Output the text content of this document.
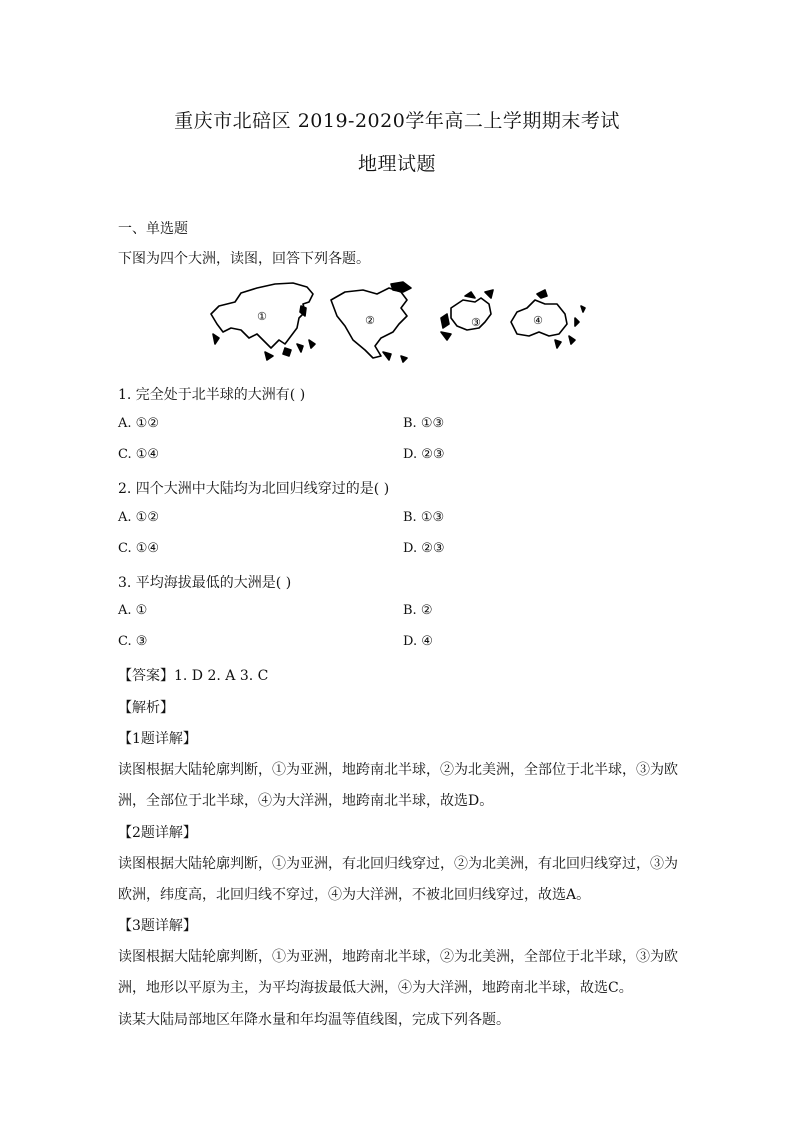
重庆市北碚区 2019-2020学年高二上学期期末考试
地理试题
一、单选题
下图为四个大洲，读图，回答下列各题。
①	②	③	④
1. 完全处于北半球的大洲有( )
A. ①②	B. ①③
C. ①④	D. ②③
2. 四个大洲中大陆均为北回归线穿过的是( )
A. ①②	B. ①③
C. ①④	D. ②③
3. 平均海拔最低的大洲是( )
A. ①	B. ②
C. ③	D. ④
【答案】1. D 2. A 3. C
【解析】
【1题详解】
读图根据大陆轮廓判断，①为亚洲，地跨南北半球，②为北美洲，全部位于北半球，③为欧
洲，全部位于北半球，④为大洋洲，地跨南北半球，故选D。
【2题详解】
读图根据大陆轮廓判断，①为亚洲，有北回归线穿过，②为北美洲，有北回归线穿过，③为
欧洲，纬度高，北回归线不穿过，④为大洋洲，不被北回归线穿过，故选A。
【3题详解】
读图根据大陆轮廓判断，①为亚洲，地跨南北半球，②为北美洲，全部位于北半球，③为欧
洲，地形以平原为主，为平均海拔最低大洲，④为大洋洲，地跨南北半球，故选C。
读某大陆局部地区年降水量和年均温等值线图，完成下列各题。
